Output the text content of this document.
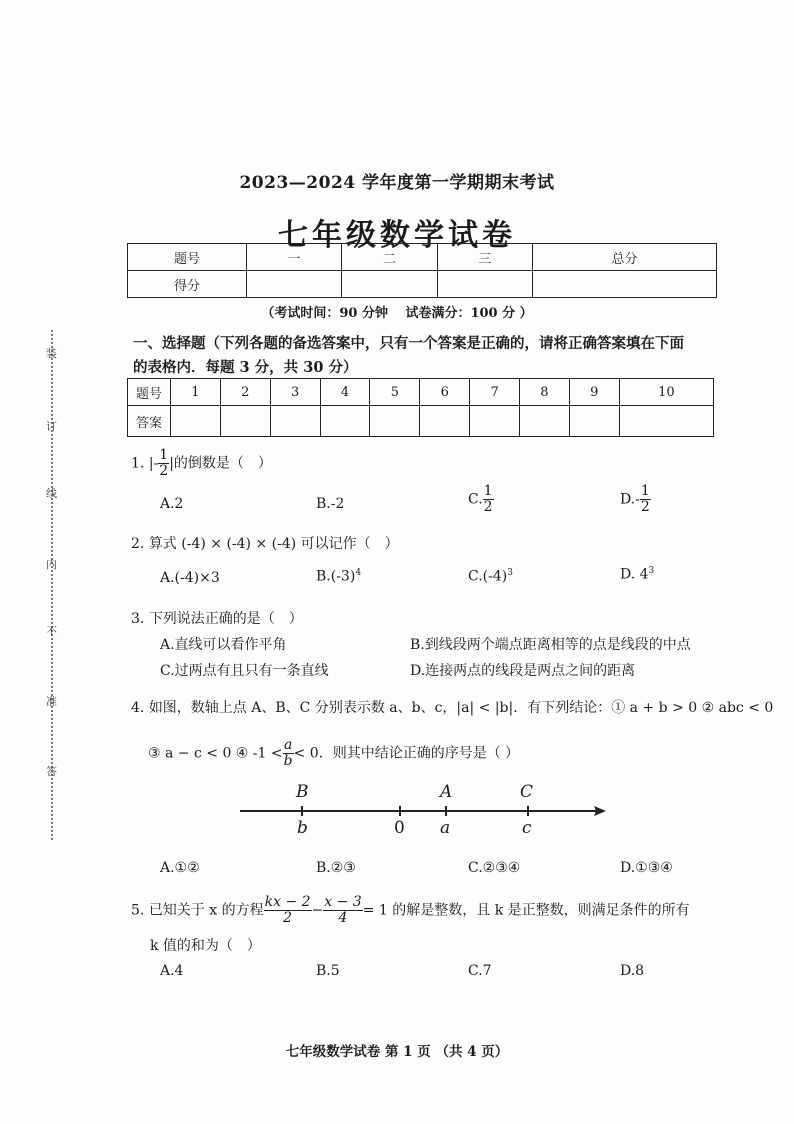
装
订
线
内
不
准
答
2023—2024 学年度第一学期期末考试
七年级数学试卷
题号	一	二	三	总分
得分				
（考试时间：90 分钟　 试卷满分：100 分 ）
一、选择题（下列各题的备选答案中，只有一个答案是正确的，请将正确答案填在下面
的表格内．每题 3 分，共 30 分）
题号	1	2	3	4	5	6	7	8	9	10
答案										
1. |- $\frac{1}{2}$ |的倒数是（　）
A.2	B.-2	C. $\frac{1}{2}$	$D.- \frac{1}{2}$
2. 算式 (-4) × (-4) × (-4) 可以记作（　）
A.(-4)×3	$B.(-3)^4$	$C.(-4)^3$	D. $4^3$
3. 下列说法正确的是（　）
A.直线可以看作平角	B.到线段两个端点距离相等的点是线段的中点
C.过两点有且只有一条直线	D.连接两点的线段是两点之间的距离
4. 如图，数轴上点 A、B、C 分别表示数 a、b、c，|a| < |b|．有下列结论：① a + b > 0 ② abc < 0
③ a − c < 0 ④ $-1 < \frac{a}{b} < 0$．则其中结论正确的序号是（ ）
B	A	C
b	0 a	c
A.①②	B.②③	C.②③④	D.①③④
5. 已知关于 x 的方程 $\frac{kx - 2}{2} - \frac{x - 3}{4} = 1$ 的解是整数，且 k 是正整数，则满足条件的所有
k 值的和为（　）
A.4	B.5	C.7	D.8
七年级数学试卷 第 1 页 （共 4 页）
